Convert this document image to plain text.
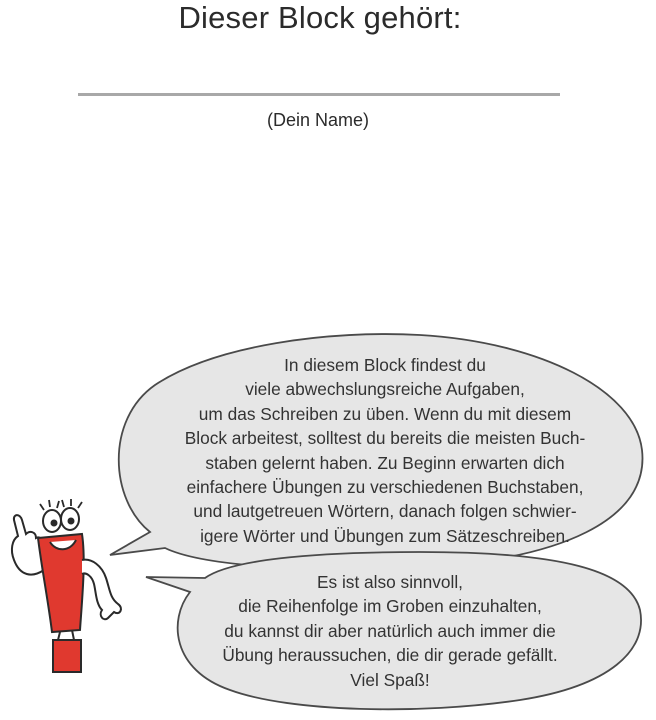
Dieser Block gehört:
(Dein Name)
In diesem Block findest du
viele abwechslungsreiche Aufgaben,
um das Schreiben zu üben. Wenn du mit diesem
Block arbeitest, solltest du bereits die meisten Buch-
staben gelernt haben. Zu Beginn erwarten dich
einfachere Übungen zu verschiedenen Buchstaben,
und lautgetreuen Wörtern, danach folgen schwier-
igere Wörter und Übungen zum Sätzeschreiben.
Es ist also sinnvoll,
die Reihenfolge im Groben einzuhalten,
du kannst dir aber natürlich auch immer die
Übung heraussuchen, die dir gerade gefällt.
Viel Spaß!
